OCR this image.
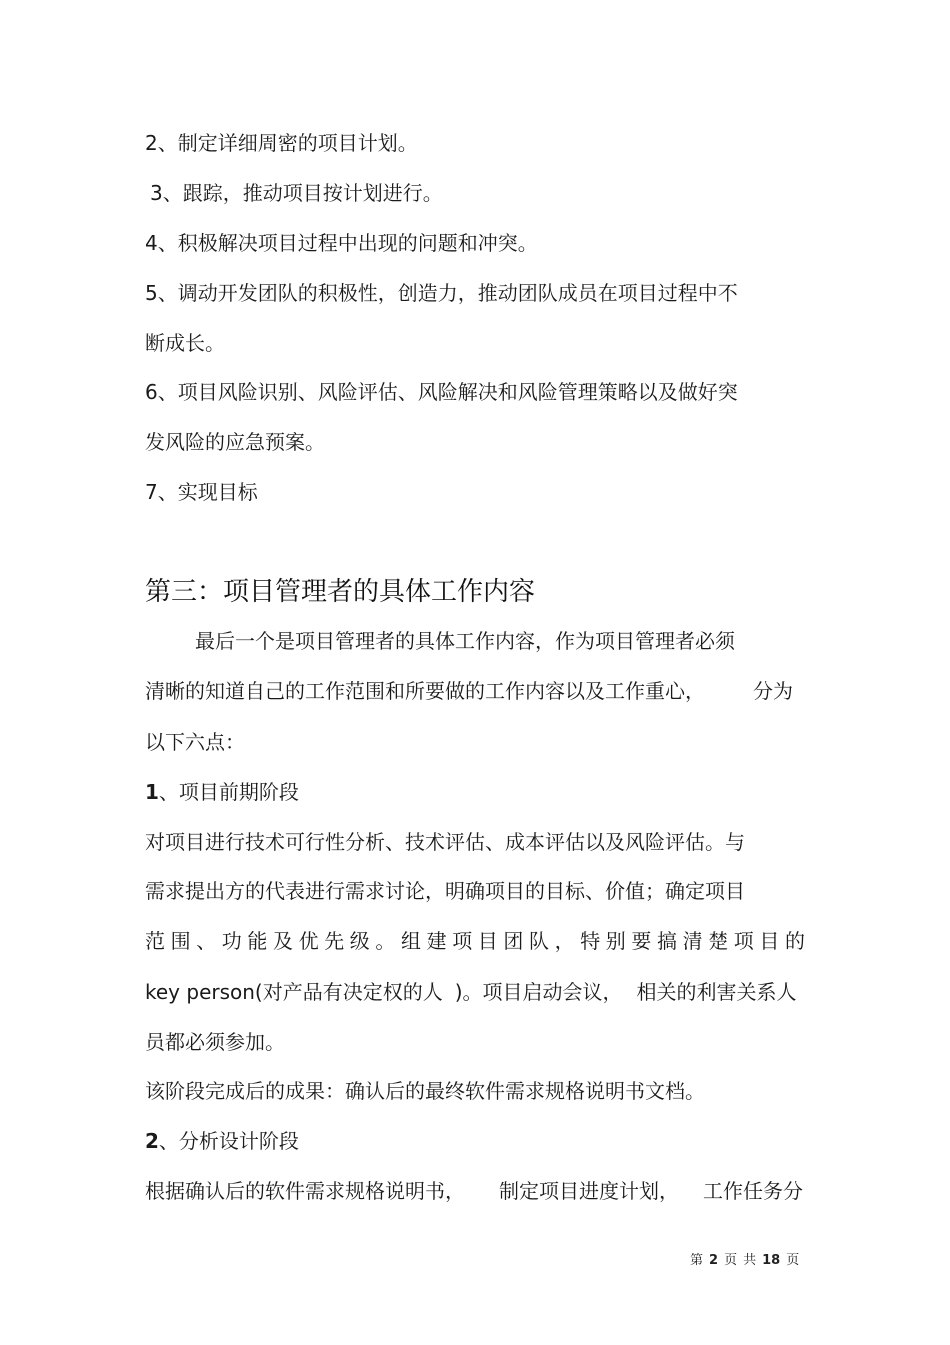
2、制定详细周密的项目计划。
3、跟踪，推动项目按计划进行。
4、积极解决项目过程中出现的问题和冲突。
5、调动开发团队的积极性，创造力，推动团队成员在项目过程中不
断成长。
6、项目风险识别、风险评估、风险解决和风险管理策略以及做好突
发风险的应急预案。
7、实现目标
第三：项目管理者的具体工作内容
最后一个是项目管理者的具体工作内容，作为项目管理者必须
清晰的知道自己的工作范围和所要做的工作内容以及工作重心， 分为
以下六点：
1、项目前期阶段
对项目进行技术可行性分析、技术评估、成本评估以及风险评估。与
需求提出方的代表进行需求讨论，明确项目的目标、价值；确定项目
范围、功能及优先级。组建项目团队，特别要搞清楚项目的
key person(对产品有决定权的人 )。项目启动会议， 相关的利害关系人
员都必须参加。
该阶段完成后的成果：确认后的最终软件需求规格说明书文档。
2、分析设计阶段
根据确认后的软件需求规格说明书， 制定项目进度计划， 工作任务分
第 2 页 共 18 页
